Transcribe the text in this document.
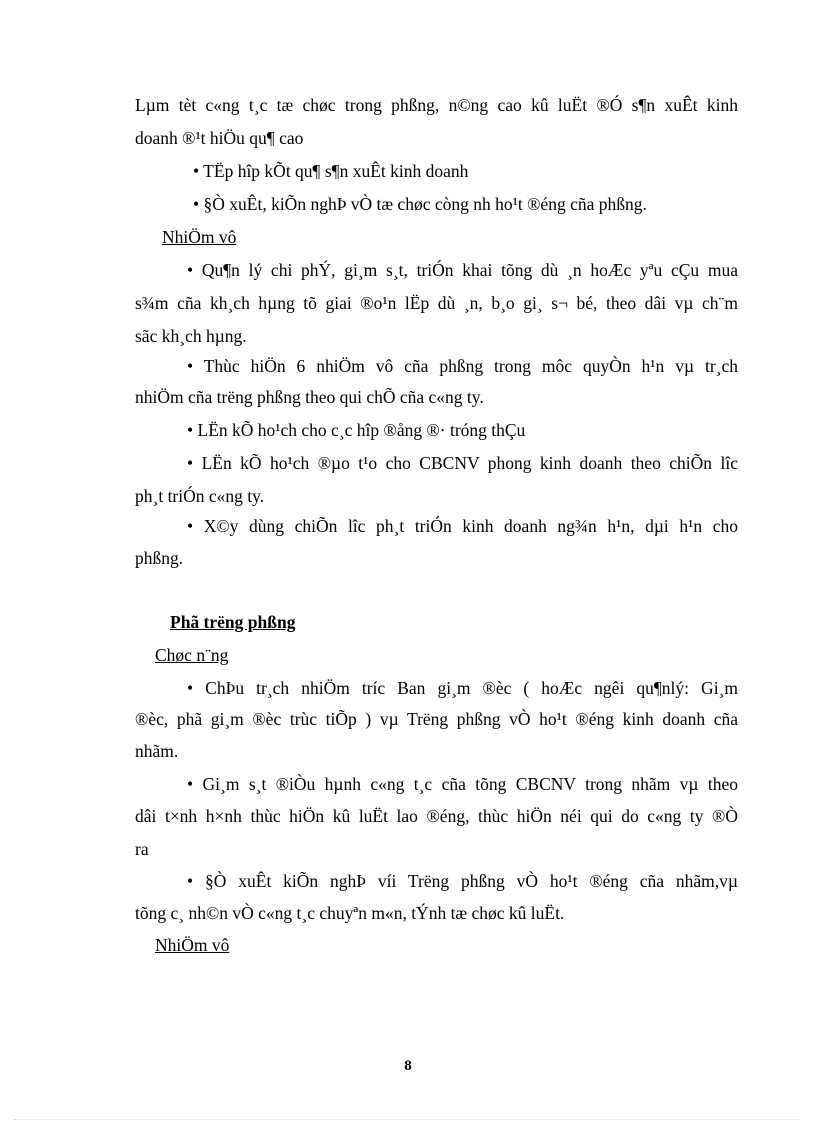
Lµm tèt c«ng t¸c tæ chøc trong phßng, n©ng cao kû luËt ®Ó s¶n xuÊt kinh
doanh ®¹t hiÖu qu¶ cao
• TËp hîp kÕt qu¶ s¶n xuÊt kinh doanh
• §Ò xuÊt, kiÕn nghÞ vÒ tæ chøc còng nh ho¹t ®éng cña phßng.
NhiÖm vô
• Qu¶n lý chi phÝ, gi¸m s¸t, triÓn khai tõng dù ¸n hoÆc yªu cÇu mua
s¾m cña kh¸ch hµng tõ giai ®o¹n lËp dù ¸n, b¸o gi¸ s¬ bé, theo dâi vµ ch¨m
sãc kh¸ch hµng.
• Thùc hiÖn 6 nhiÖm vô cña phßng trong môc quyÒn h¹n vµ tr¸ch
nhiÖm cña trëng phßng theo qui chÕ cña c«ng ty.
• LËn kÕ ho¹ch cho c¸c hîp ®ång ®· tróng thÇu
• LËn kÕ ho¹ch ®µo t¹o cho CBCNV phong kinh doanh theo chiÕn lîc
ph¸t triÓn c«ng ty.
• X©y dùng chiÕn lîc ph¸t triÓn kinh doanh ng¾n h¹n, dµi h¹n cho
phßng.
Phã trëng phßng
Chøc n¨ng
• ChÞu tr¸ch nhiÖm tríc Ban gi¸m ®èc ( hoÆc ngêi qu¶nlý: Gi¸m
®èc, phã gi¸m ®èc trùc tiÕp ) vµ Trëng phßng vÒ ho¹t ®éng kinh doanh cña
nhãm.
• Gi¸m s¸t ®iÒu hµnh c«ng t¸c cña tõng CBCNV trong nhãm vµ theo
dâi t×nh h×nh thùc hiÖn kû luËt lao ®éng, thùc hiÖn néi qui do c«ng ty ®Ò
ra
• §Ò xuÊt kiÕn nghÞ víi Trëng phßng vÒ ho¹t ®éng cña nhãm,vµ
tõng c¸ nh©n vÒ c«ng t¸c chuyªn m«n, tÝnh tæ chøc kû luËt.
NhiÖm vô
8
